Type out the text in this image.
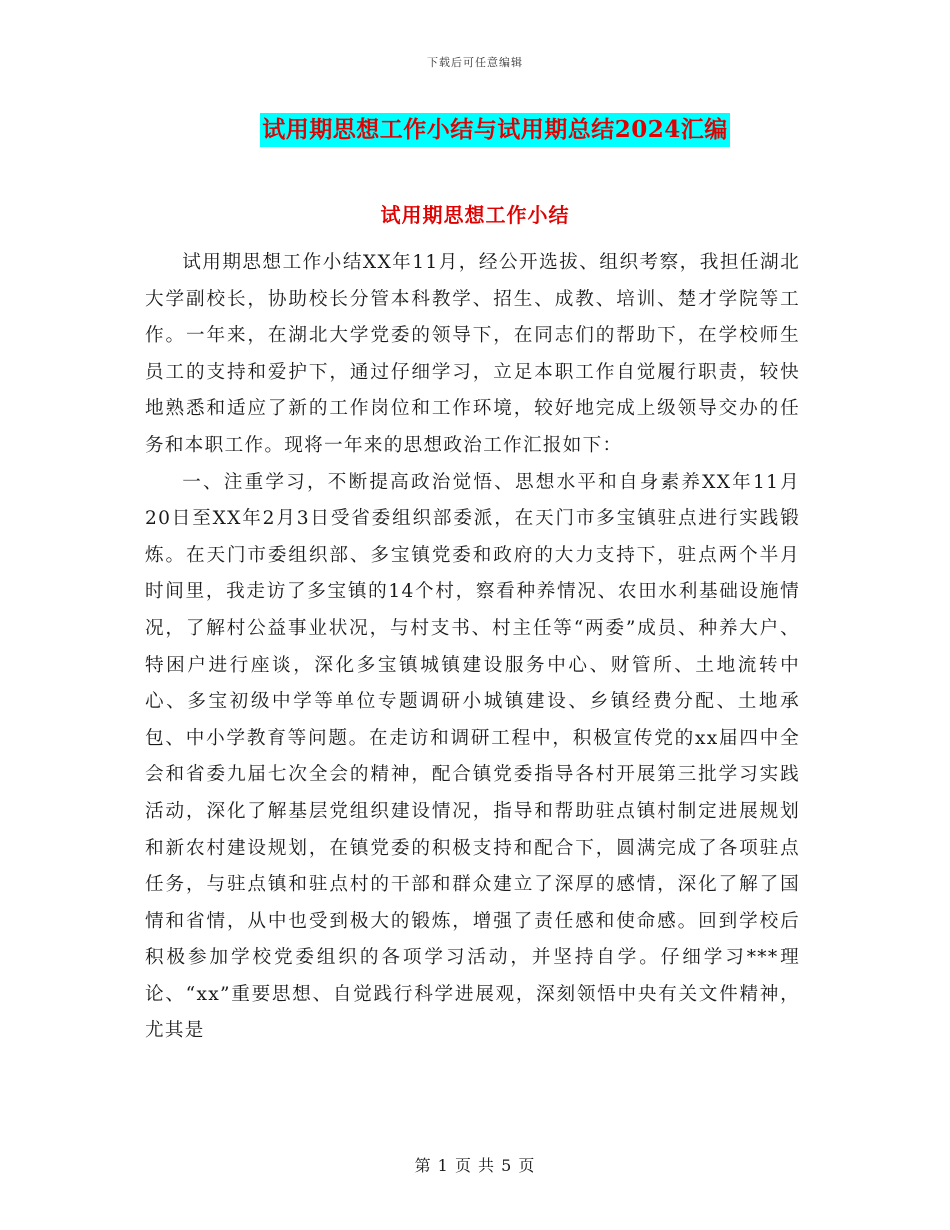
下载后可任意编辑
试用期思想工作小结与试用期总结2024汇编
试用期思想工作小结

试用期思想工作小结XX年11月，经公开选拔、组织考察，我担任湖北大学副校长，协助校长分管本科教学、招生、成教、培训、楚才学院等工作。一年来，在湖北大学党委的领导下，在同志们的帮助下，在学校师生员工的支持和爱护下，通过仔细学习，立足本职工作自觉履行职责，较快地熟悉和适应了新的工作岗位和工作环境，较好地完成上级领导交办的任务和本职工作。现将一年来的思想政治工作汇报如下：

一、注重学习，不断提高政治觉悟、思想水平和自身素养XX年11月20日至XX年2月3日受省委组织部委派，在天门市多宝镇驻点进行实践锻炼。在天门市委组织部、多宝镇党委和政府的大力支持下，驻点两个半月时间里，我走访了多宝镇的14个村，察看种养情况、农田水利基础设施情况，了解村公益事业状况，与村支书、村主任等“两委”成员、种养大户、特困户进行座谈，深化多宝镇城镇建设服务中心、财管所、土地流转中心、多宝初级中学等单位专题调研小城镇建设、乡镇经费分配、土地承包、中小学教育等问题。在走访和调研工程中，积极宣传党的xx届四中全会和省委九届七次全会的精神，配合镇党委指导各村开展第三批学习实践活动，深化了解基层党组织建设情况，指导和帮助驻点镇村制定进展规划和新农村建设规划，在镇党委的积极支持和配合下，圆满完成了各项驻点任务，与驻点镇和驻点村的干部和群众建立了深厚的感情，深化了解了国情和省情，从中也受到极大的锻炼，增强了责任感和使命感。回到学校后积极参加学校党委组织的各项学习活动，并坚持自学。仔细学习***理论、“xx”重要思想、自觉践行科学进展观，深刻领悟中央有关文件精神，尤其是

第 1 页 共 5 页
